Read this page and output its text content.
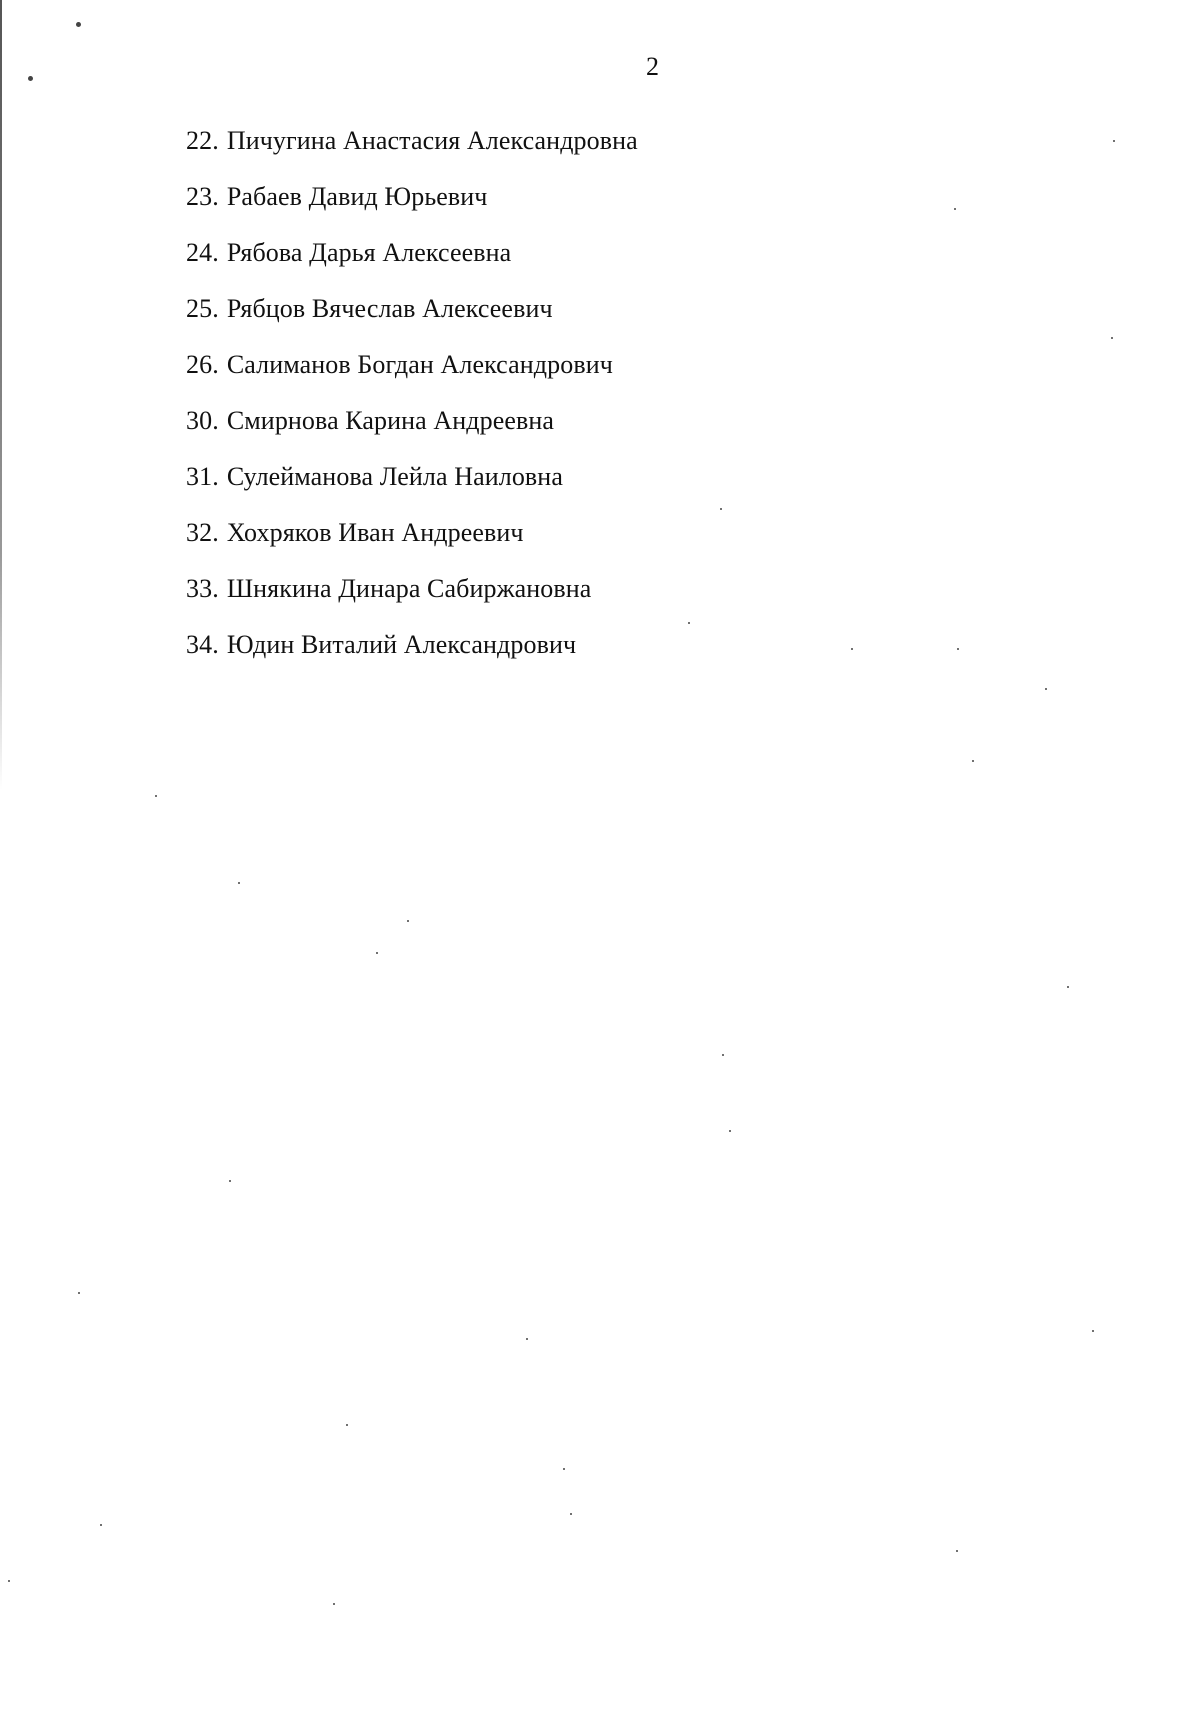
2
22. Пичугина Анастасия Александровна
23. Рабаев Давид Юрьевич
24. Рябова Дарья Алексеевна
25. Рябцов Вячеслав Алексеевич
26. Салиманов Богдан Александрович
30. Смирнова Карина Андреевна
31. Сулейманова Лейла Наиловна
32. Хохряков Иван Андреевич
33. Шнякина Динара Сабиржановна
34. Юдин Виталий Александрович
